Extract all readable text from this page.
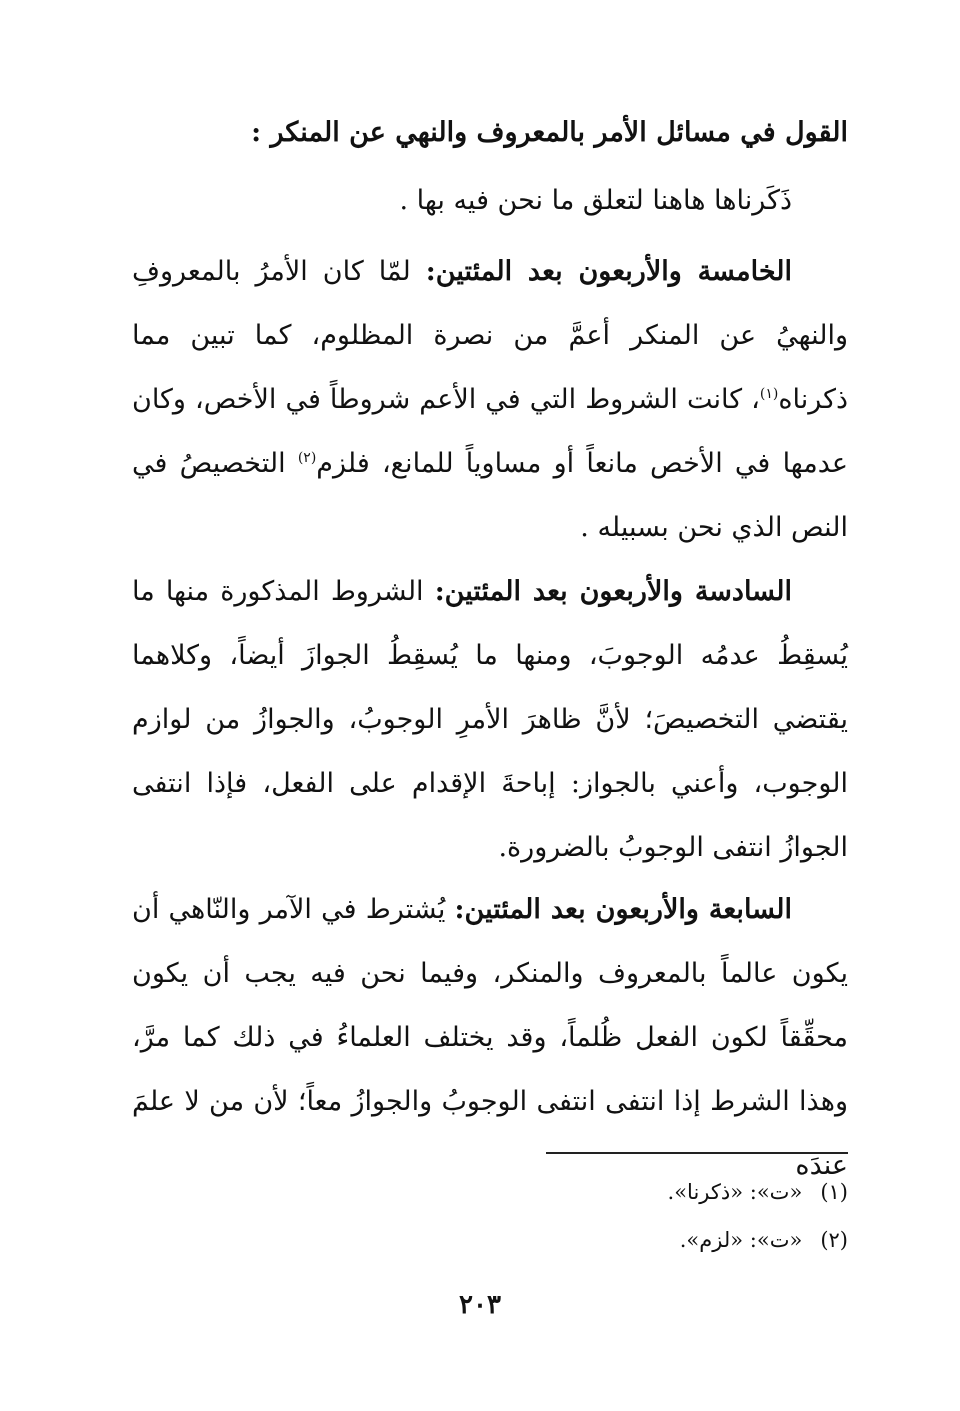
القول في مسائل الأمر بالمعروف والنهي عن المنكر :
ذَكَرناها هاهنا لتعلق ما نحن فيه بها .
الخامسة والأربعون بعد المئتين: لمّا كان الأمرُ بالمعروفِ والنهيُ عن المنكر أعمَّ من نصرة المظلوم، كما تبين مما ذكرناه$^{(١)}$، كانت الشروط التي في الأعم شروطاً في الأخص، وكان عدمها في الأخص مانعاً أو مساوياً للمانع، فلزم$^{(٢)}$ التخصيصُ في النص الذي نحن بسبيله .
السادسة والأربعون بعد المئتين: الشروط المذكورة منها ما يُسقِطُ عدمُه الوجوبَ، ومنها ما يُسقِطُ الجوازَ أيضاً، وكلاهما يقتضي التخصيصَ؛ لأنَّ ظاهرَ الأمرِ الوجوبُ، والجوازُ من لوازم الوجوب، وأعني بالجواز: إباحةَ الإقدام على الفعل، فإذا انتفى الجوازُ انتفى الوجوبُ بالضرورة.
السابعة والأربعون بعد المئتين: يُشترط في الآمر والنّاهي أن يكون عالماً بالمعروف والمنكر، وفيما نحن فيه يجب أن يكون محقِّقاً لكون الفعل ظُلماً، وقد يختلف العلماءُ في ذلك كما مرَّ، وهذا الشرط إذا انتفى انتفى الوجوبُ والجوازُ معاً؛ لأن من لا علمَ عندَه
(١)«ت»: «ذكرنا».
(٢)«ت»: «لزم».
٢٠٣
